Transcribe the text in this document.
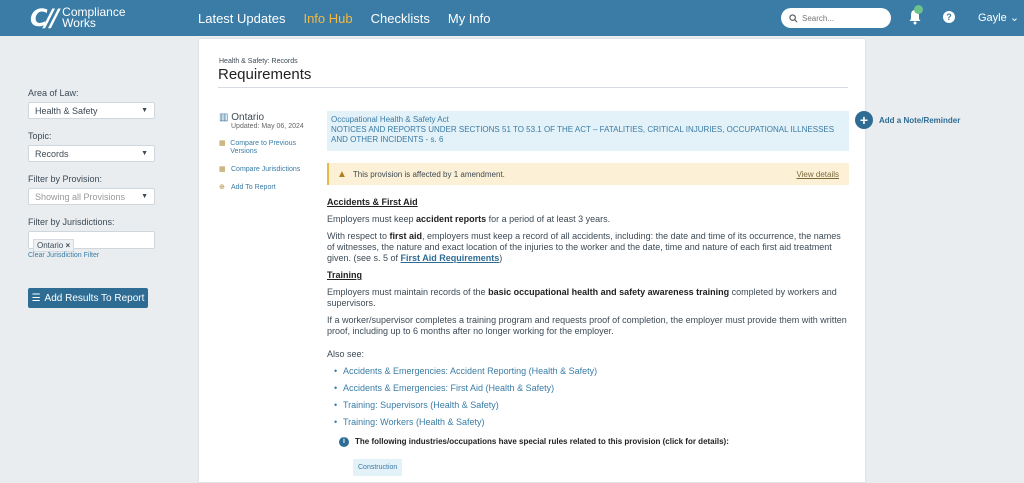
C// Compliance
Works	Latest Updates Info Hub Checklists My Info
Search...	? Gayle ⌄
Area of Law:
Health & Safety	▼
Topic:
Records	▼
Filter by Provision:
Showing all Provisions ▼
Filter by Jurisdictions:
Ontario ×
Clear Jurisdiction Filter
☰ Add Results To Report
Health & Safety: Records
Requirements
▥ Ontario
Updated: May 06, 2024
▦ Compare to Previous Versions
▦ Compare Jurisdictions
⊕ Add To Report
Occupational Health & Safety Act
NOTICES AND REPORTS UNDER SECTIONS 51 TO 53.1 OF THE ACT – FATALITIES, CRITICAL INJURIES, OCCUPATIONAL ILLNESSES AND OTHER INCIDENTS - s. 6
▲ This provision is affected by 1 amendment.	View details
Accidents & First Aid
Employers must keep accident reports for a period of at least 3 years.
With respect to first aid, employers must keep a record of all accidents, including: the date and time of its occurrence, the names of witnesses, the nature and exact location of the injuries to the worker and the date, time and nature of each first aid treatment given. (see s. 5 of First Aid Requirements)
Training
Employers must maintain records of the basic occupational health and safety awareness training completed by workers and supervisors.
If a worker/supervisor completes a training program and requests proof of completion, the employer must provide them with written proof, including up to 6 months after no longer working for the employer.
Also see:
• Accidents & Emergencies: Accident Reporting (Health & Safety)
• Accidents & Emergencies: First Aid (Health & Safety)
• Training: Supervisors (Health & Safety)
• Training: Workers (Health & Safety)
i	The following industries/occupations have special rules related to this provision (click for details):
Construction
+	Add a Note/Reminder
